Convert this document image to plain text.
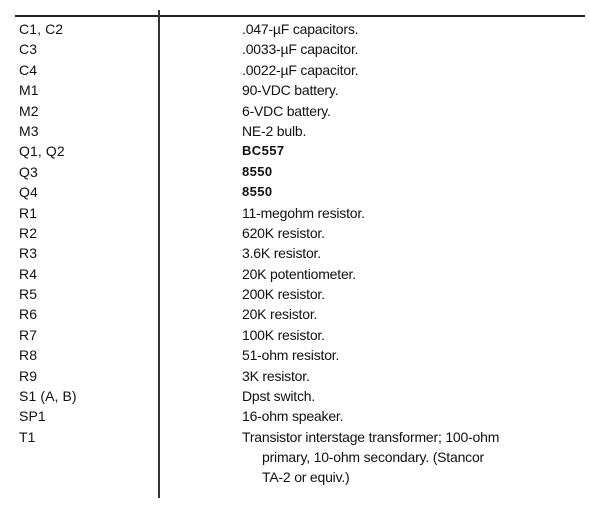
C1, C2	.047-µF capacitors.
C3	.0033-µF capacitor.
C4	.0022-µF capacitor.
M1	90-VDC battery.
M2	6-VDC battery.
M3	NE-2 bulb.
Q1, Q2	BC557
Q3	8550
Q4	8550
R1	11-megohm resistor.
R2	620K resistor.
R3	3.6K resistor.
R4	20K potentiometer.
R5	200K resistor.
R6	20K resistor.
R7	100K resistor.
R8	51-ohm resistor.
R9	3K resistor.
S1 (A, B)	Dpst switch.
SP1	16-ohm speaker.
T1	Transistor interstage transformer; 100-ohm
primary, 10-ohm secondary. (Stancor
TA-2 or equiv.)
